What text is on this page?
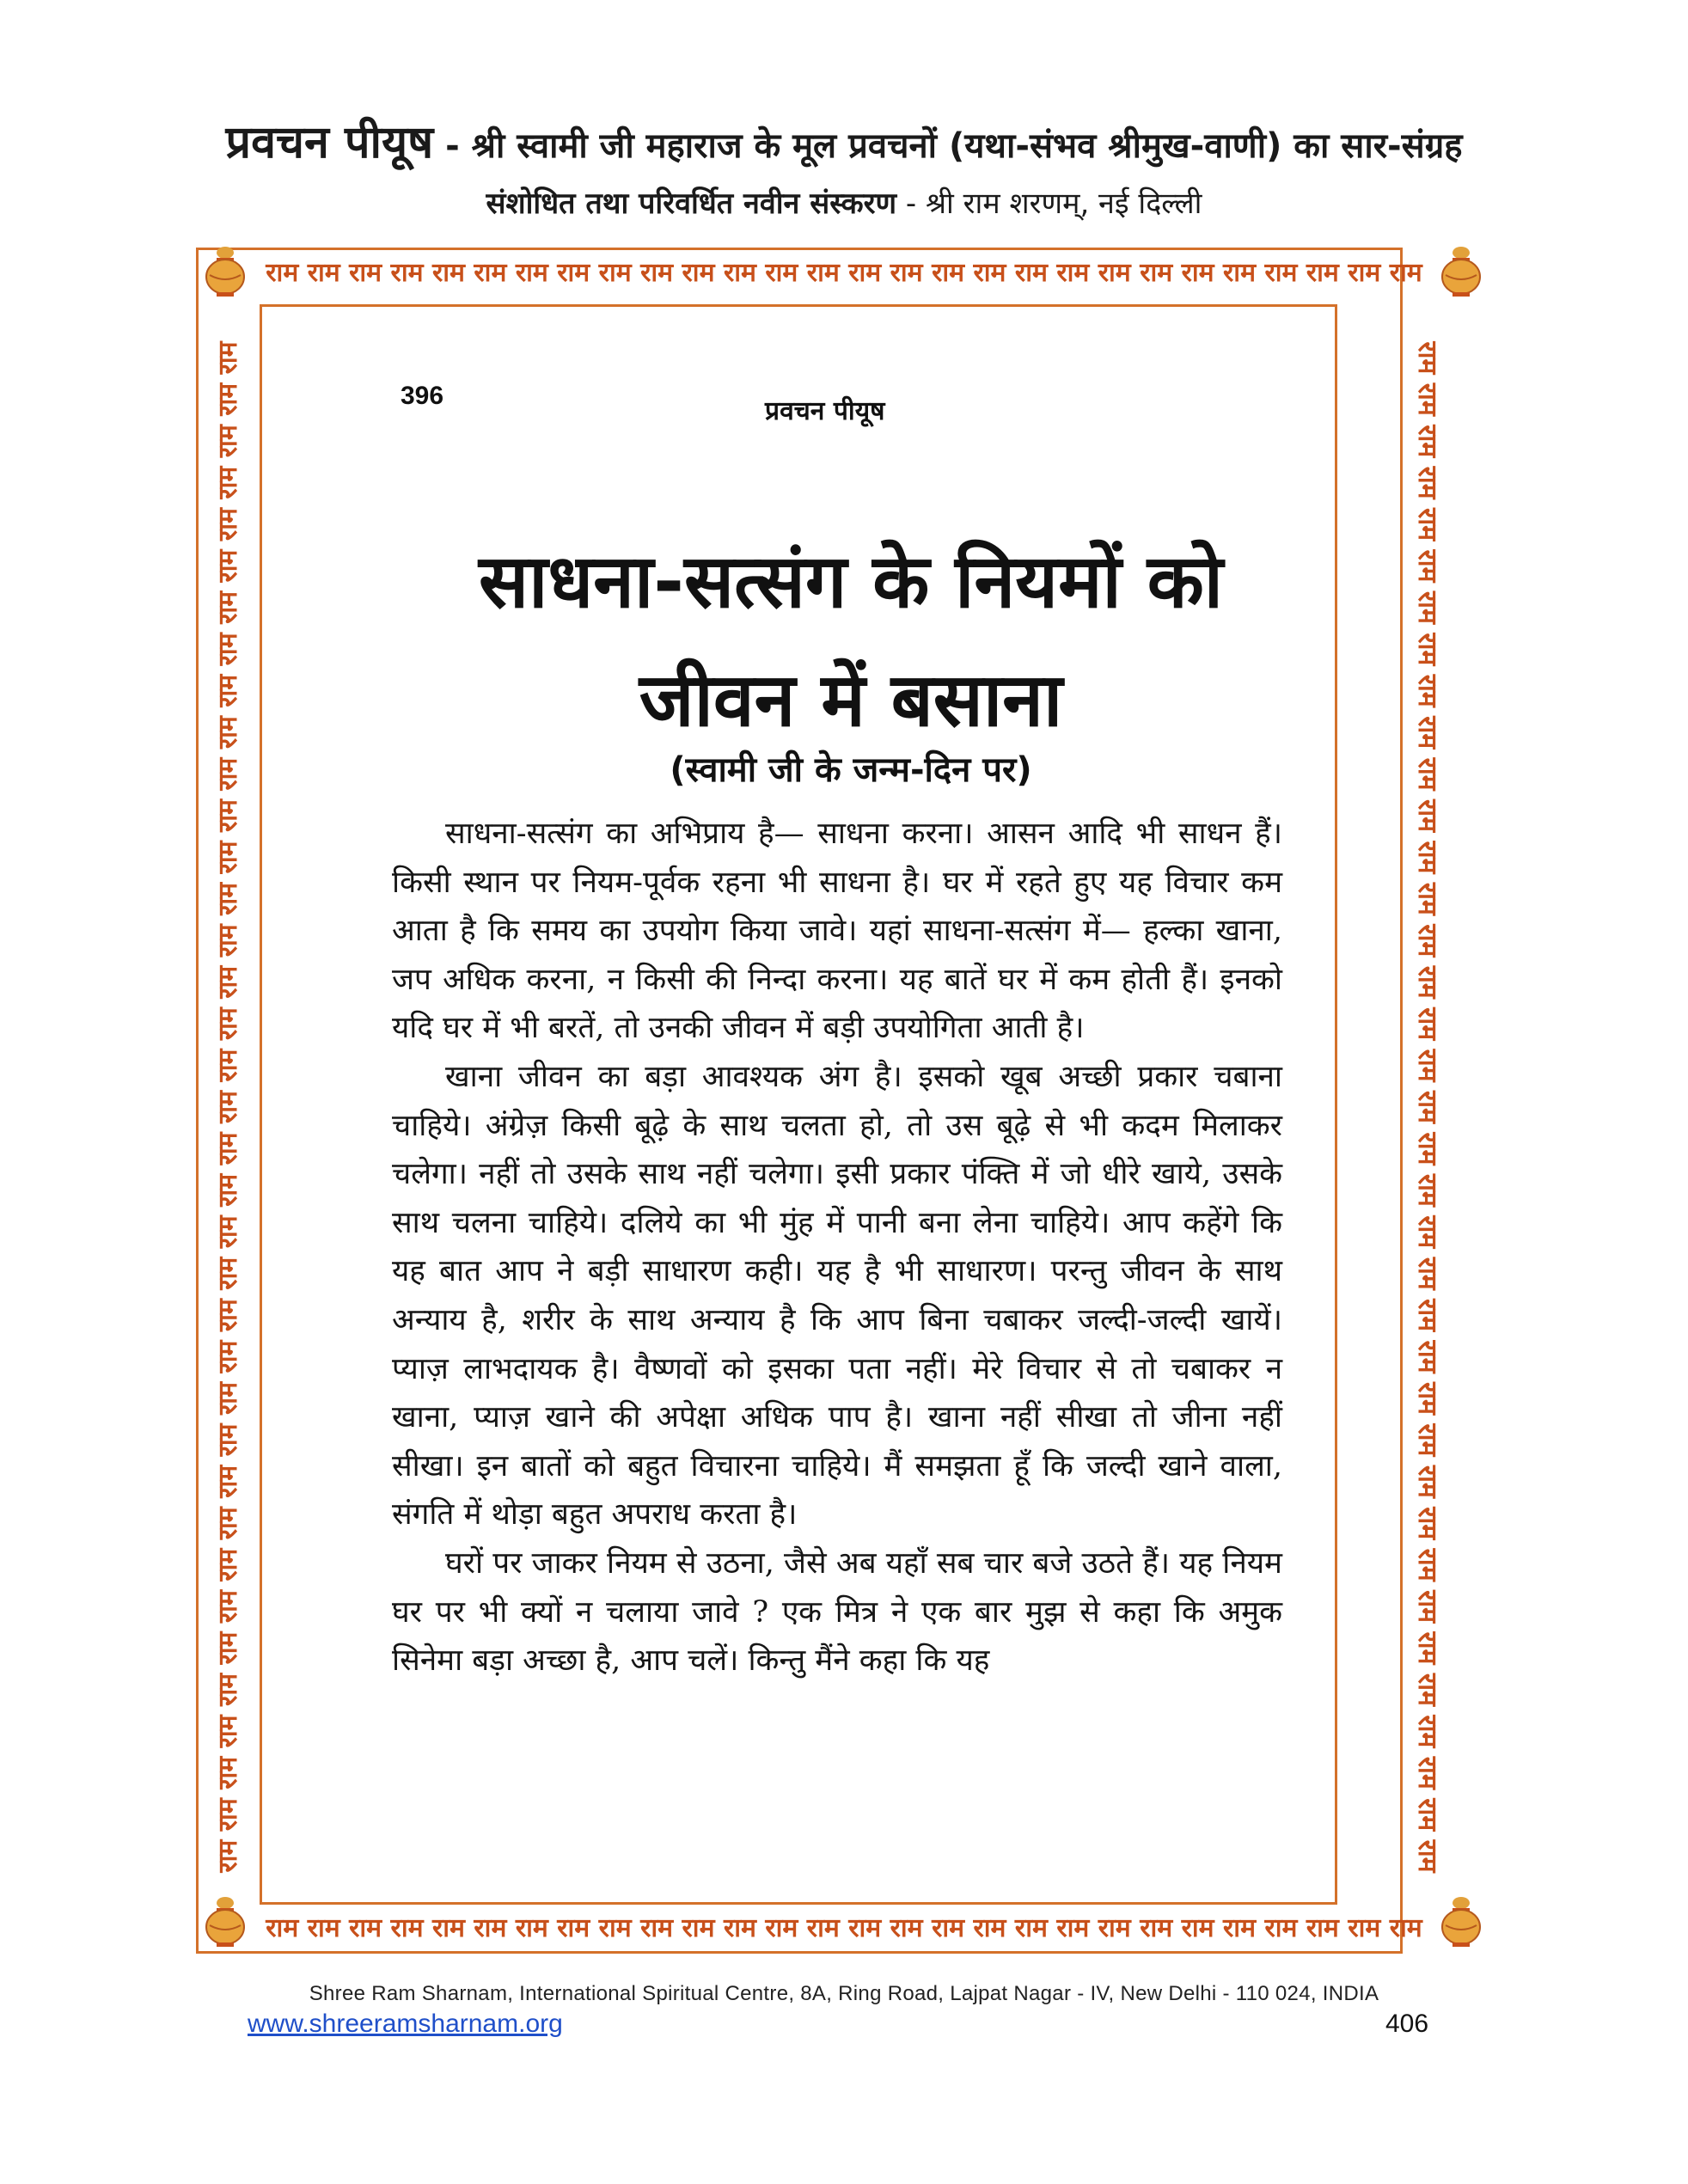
प्रवचन पीयूष - श्री स्वामी जी महाराज के मूल प्रवचनों (यथा-संभव श्रीमुख-वाणी) का सार-संग्रह
संशोधित तथा परिवर्धित नवीन संस्करण - श्री राम शरणम्, नई दिल्ली
राम राम राम राम राम राम राम राम राम राम राम राम राम राम राम राम राम राम राम राम राम राम राम राम राम राम राम राम
राम राम राम राम राम राम राम राम राम राम राम राम राम राम राम राम राम राम राम राम राम राम राम राम राम राम राम राम
राम राम राम राम राम राम राम राम राम राम राम राम राम राम राम राम राम राम राम राम राम राम राम राम राम राम राम राम राम राम राम राम राम राम राम राम राम	राम राम राम राम राम राम राम राम राम राम राम राम राम राम राम राम राम राम राम राम राम राम राम राम राम राम राम राम राम राम राम राम राम राम राम राम राम
396
प्रवचन पीयूष
साधना-सत्संग के नियमों को
जीवन में बसाना
(स्वामी जी के जन्म-दिन पर)

साधना-सत्संग का अभिप्राय है— साधना करना। आसन आदि भी साधन हैं। किसी स्थान पर नियम-पूर्वक रहना भी साधना है। घर में रहते हुए यह विचार कम आता है कि समय का उपयोग किया जावे। यहां साधना-सत्संग में— हल्का खाना, जप अधिक करना, न किसी की निन्दा करना। यह बातें घर में कम होती हैं। इनको यदि घर में भी बरतें, तो उनकी जीवन में बड़ी उपयोगिता आती है।

खाना जीवन का बड़ा आवश्यक अंग है। इसको खूब अच्छी प्रकार चबाना चाहिये। अंग्रेज़ किसी बूढ़े के साथ चलता हो, तो उस बूढ़े से भी कदम मिलाकर चलेगा। नहीं तो उसके साथ नहीं चलेगा। इसी प्रकार पंक्ति में जो धीरे खाये, उसके साथ चलना चाहिये। दलिये का भी मुंह में पानी बना लेना चाहिये। आप कहेंगे कि यह बात आप ने बड़ी साधारण कही। यह है भी साधारण। परन्तु जीवन के साथ अन्याय है, शरीर के साथ अन्याय है कि आप बिना चबाकर जल्दी-जल्दी खायें। प्याज़ लाभदायक है। वैष्णवों को इसका पता नहीं। मेरे विचार से तो चबाकर न खाना, प्याज़ खाने की अपेक्षा अधिक पाप है। खाना नहीं सीखा तो जीना नहीं सीखा। इन बातों को बहुत विचारना चाहिये। मैं समझता हूँ कि जल्दी खाने वाला, संगति में थोड़ा बहुत अपराध करता है।

घरों पर जाकर नियम से उठना, जैसे अब यहाँ सब चार बजे उठते हैं। यह नियम घर पर भी क्यों न चलाया जावे ? एक मित्र ने एक बार मुझ से कहा कि अमुक सिनेमा बड़ा अच्छा है, आप चलें। किन्तु मैंने कहा कि यह

Shree Ram Sharnam, International Spiritual Centre, 8A, Ring Road, Lajpat Nagar - IV, New Delhi - 110 024, INDIA
www.shreeramsharnam.org	406
